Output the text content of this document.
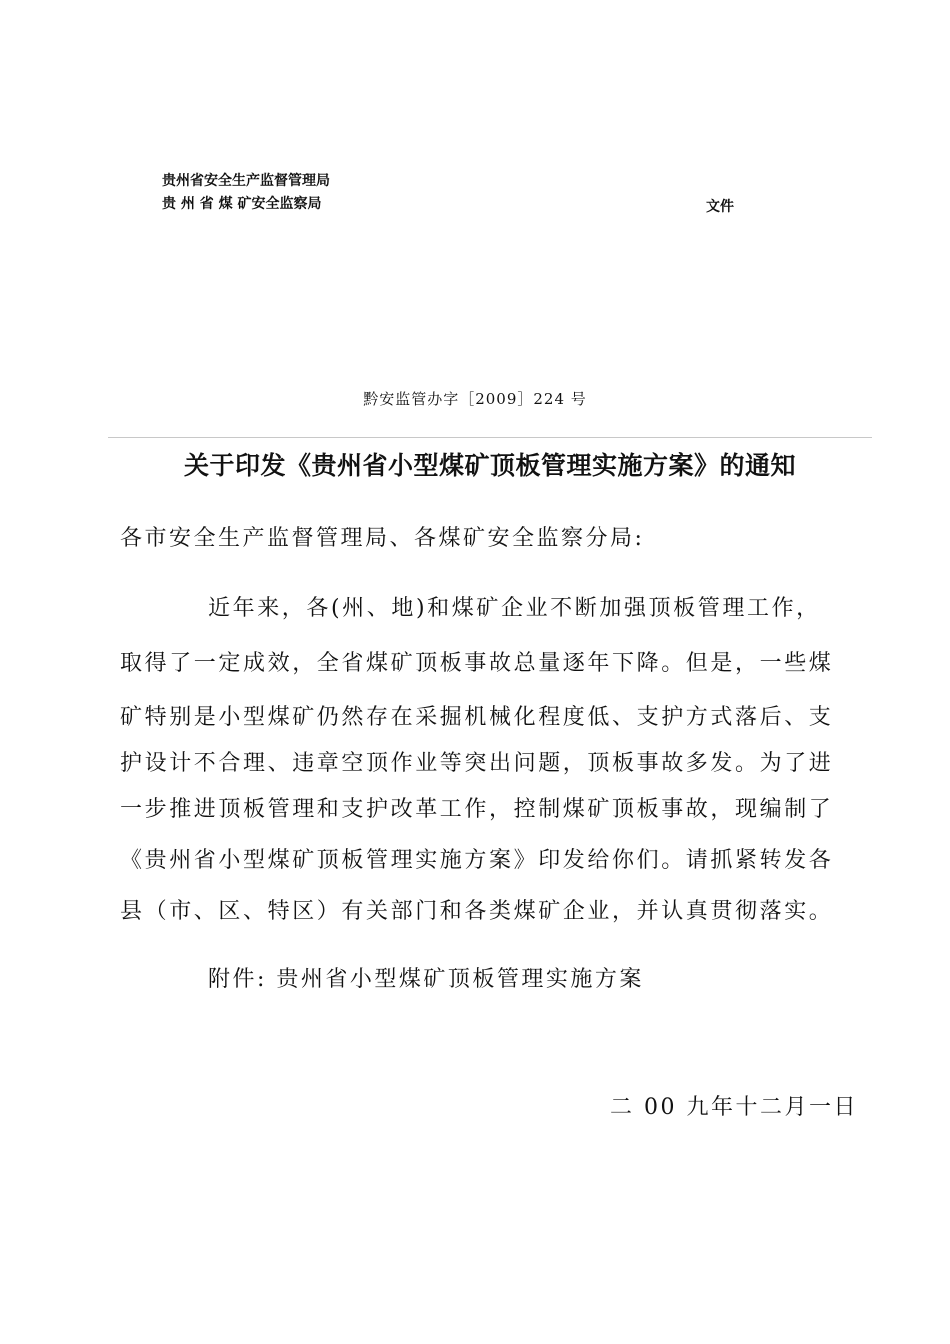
贵州省安全生产监督管理局
贵 州 省 煤 矿安全监察局	文件
黔安监管办字［2009］224 号
关于印发《贵州省小型煤矿顶板管理实施方案》的通知
各市安全生产监督管理局、各煤矿安全监察分局:
近年来，各(州、地)和煤矿企业不断加强顶板管理工作，
取得了一定成效，全省煤矿顶板事故总量逐年下降。但是，一些煤
矿特别是小型煤矿仍然存在采掘机械化程度低、支护方式落后、支
护设计不合理、违章空顶作业等突出问题，顶板事故多发。为了进
一步推进顶板管理和支护改革工作，控制煤矿顶板事故，现编制了
《贵州省小型煤矿顶板管理实施方案》印发给你们。请抓紧转发各
县（市、区、特区）有关部门和各类煤矿企业，并认真贯彻落实。
附件: 贵州省小型煤矿顶板管理实施方案
二 00 九年十二月一日
